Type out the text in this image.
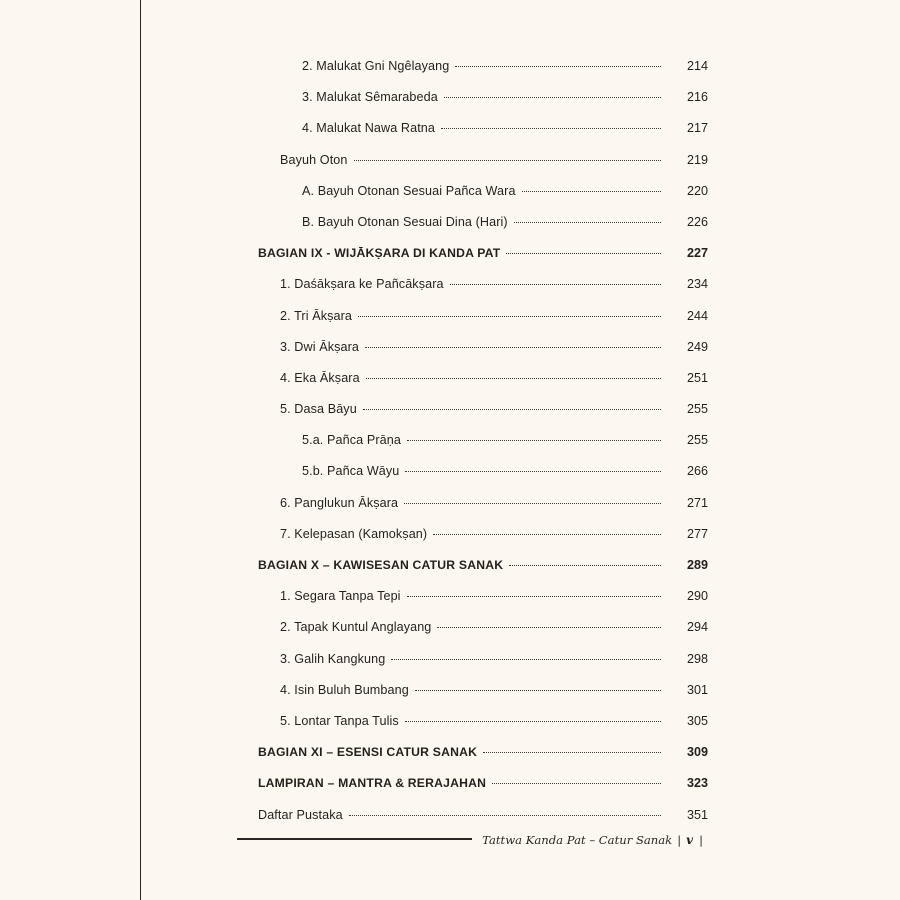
2. Malukat Gni Ngêlayang	214
3. Malukat Sêmarabeda	216
4. Malukat Nawa Ratna	217
Bayuh Oton	219
A. Bayuh Otonan Sesuai Pañca Wara	220
B. Bayuh Otonan Sesuai Dina (Hari)	226
BAGIAN IX - WIJĀKṢARA DI KANDA PAT	227
1. Daśākṣara ke Pañcākṣara	234
2. Tri Ākṣara	244
3. Dwi Ākṣara	249
4. Eka Ākṣara	251
5. Dasa Bāyu	255
5.a. Pañca Prāṇa	255
5.b. Pañca Wāyu	266
6. Panglukun Ākṣara	271
7. Kelepasan (Kamokṣan)	277
BAGIAN X – KAWISESAN CATUR SANAK	289
1. Segara Tanpa Tepi	290
2. Tapak Kuntul Anglayang	294
3. Galih Kangkung	298
4. Isin Buluh Bumbang	301
5. Lontar Tanpa Tulis	305
BAGIAN XI – ESENSI CATUR SANAK	309
LAMPIRAN – MANTRA & RERAJAHAN	323
Daftar Pustaka	351
Tattwa Kanda Pat – Catur Sanak | v |
